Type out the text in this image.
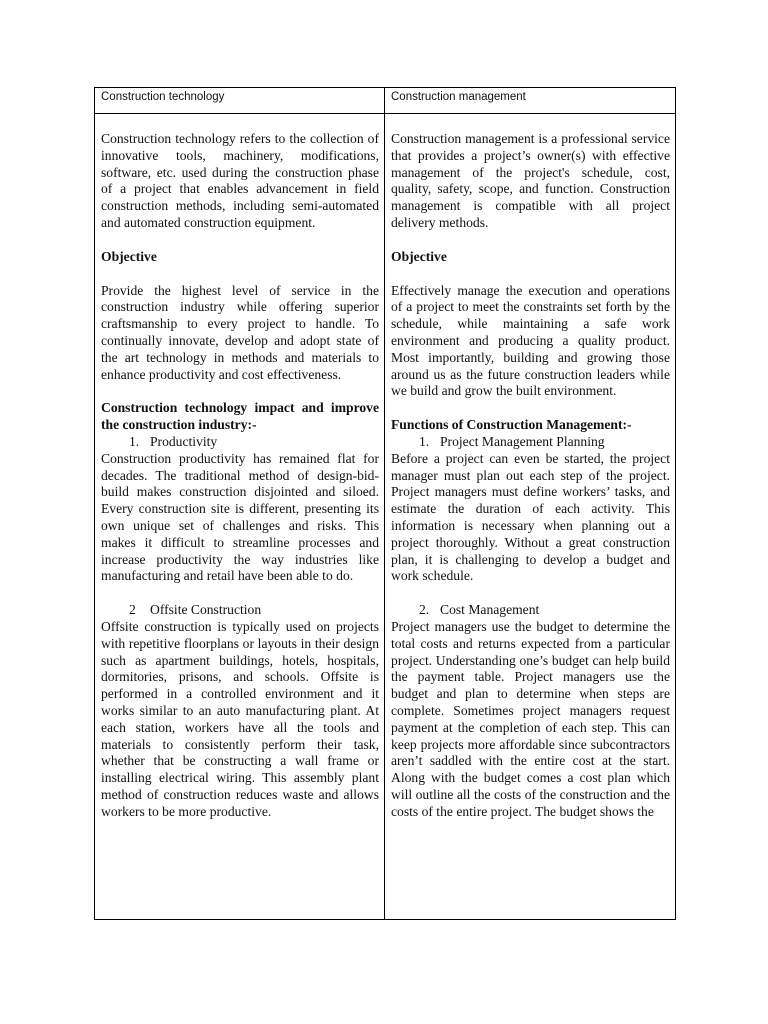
Construction technology	Construction management

Construction technology refers to the collection of innovative tools, machinery, modifications, software, etc. used during the construction phase of a project that enables advancement in field construction methods, including semi-automated and automated construction equipment.

Objective

Provide the highest level of service in the construction industry while offering superior craftsmanship to every project to handle. To continually innovate, develop and adopt state of the art technology in methods and materials to enhance productivity and cost effectiveness.

Construction technology impact and improve the construction industry:-

1. Productivity

Construction productivity has remained flat for decades. The traditional method of design-bid-build makes construction disjointed and siloed. Every construction site is different, presenting its own unique set of challenges and risks. This makes it difficult to streamline processes and increase productivity the way industries like manufacturing and retail have been able to do.

2 Offsite Construction

Offsite construction is typically used on projects with repetitive floorplans or layouts in their design such as apartment buildings, hotels, hospitals, dormitories, prisons, and schools. Offsite is performed in a controlled environment and it works similar to an auto manufacturing plant. At each station, workers have all the tools and materials to consistently perform their task, whether that be constructing a wall frame or installing electrical wiring. This assembly plant method of construction reduces waste and allows workers to be more productive.

Construction management is a professional service that provides a project’s owner(s) with effective management of the project's schedule, cost, quality, safety, scope, and function. Construction management is compatible with all project delivery methods.

Objective

Effectively manage the execution and operations of a project to meet the constraints set forth by the schedule, while maintaining a safe work environment and producing a quality product. Most importantly, building and growing those around us as the future construction leaders while we build and grow the built environment.

Functions of Construction Management:-

1. Project Management Planning

Before a project can even be started, the project manager must plan out each step of the project. Project managers must define workers’ tasks, and estimate the duration of each activity. This information is necessary when planning out a project thoroughly. Without a great construction plan, it is challenging to develop a budget and work schedule.

2. Cost Management

Project managers use the budget to determine the total costs and returns expected from a particular project. Understanding one’s budget can help build the payment table. Project managers use the budget and plan to determine when steps are complete. Sometimes project managers request payment at the completion of each step. This can keep projects more affordable since subcontractors aren’t saddled with the entire cost at the start. Along with the budget comes a cost plan which will outline all the costs of the construction and the costs of the entire project. The budget shows the
